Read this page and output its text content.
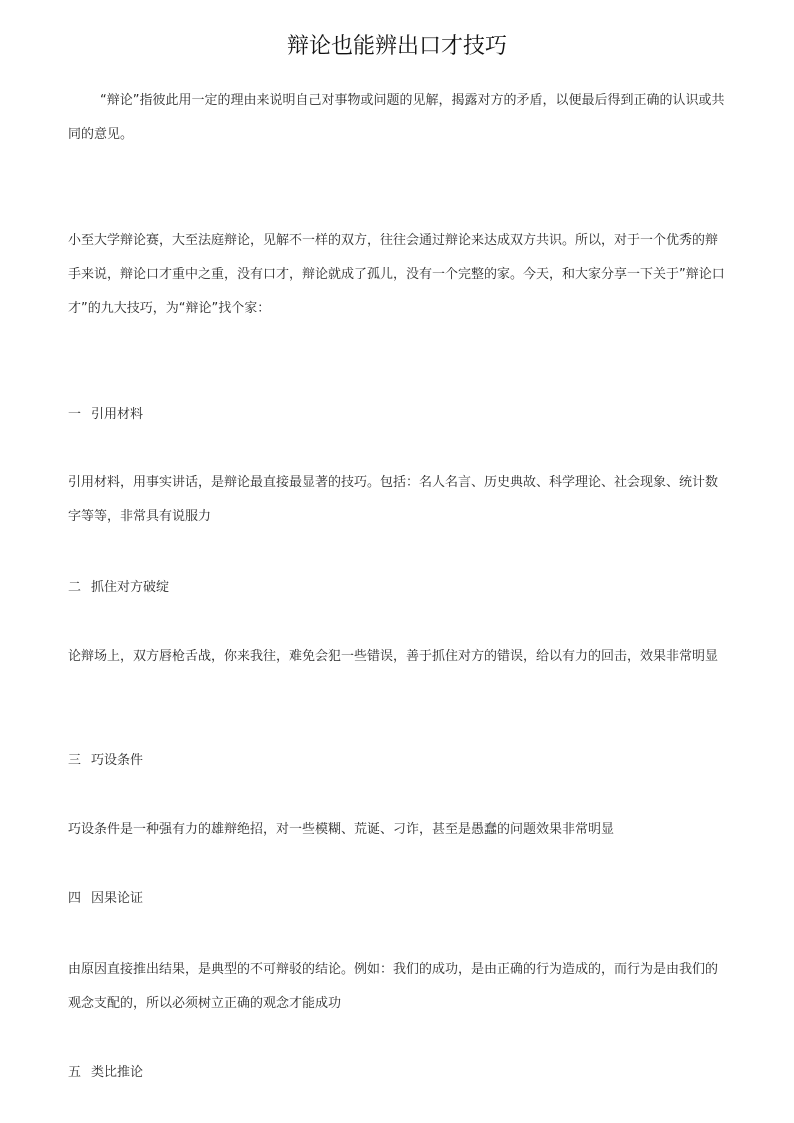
辩论也能辨出口才技巧

“辩论”指彼此用一定的理由来说明自己对事物或问题的见解，揭露对方的矛盾，以便最后得到正确的认识或共同的意见。

小至大学辩论赛，大至法庭辩论，见解不一样的双方，往往会通过辩论来达成双方共识。所以，对于一个优秀的辩手来说，辩论口才重中之重，没有口才，辩论就成了孤儿，没有一个完整的家。今天，和大家分享一下关于”辩论口才”的九大技巧，为“辩论”找个家：

一 引用材料

引用材料，用事实讲话，是辩论最直接最显著的技巧。包括：名人名言、历史典故、科学理论、社会现象、统计数字等等，非常具有说服力

二 抓住对方破绽

论辩场上，双方唇枪舌战，你来我往，难免会犯一些错误，善于抓住对方的错误，给以有力的回击，效果非常明显

三 巧设条件

巧设条件是一种强有力的雄辩绝招，对一些模糊、荒诞、刁诈，甚至是愚蠢的问题效果非常明显

四 因果论证

由原因直接推出结果，是典型的不可辩驳的结论。例如：我们的成功，是由正确的行为造成的，而行为是由我们的观念支配的，所以必须树立正确的观念才能成功

五 类比推论
